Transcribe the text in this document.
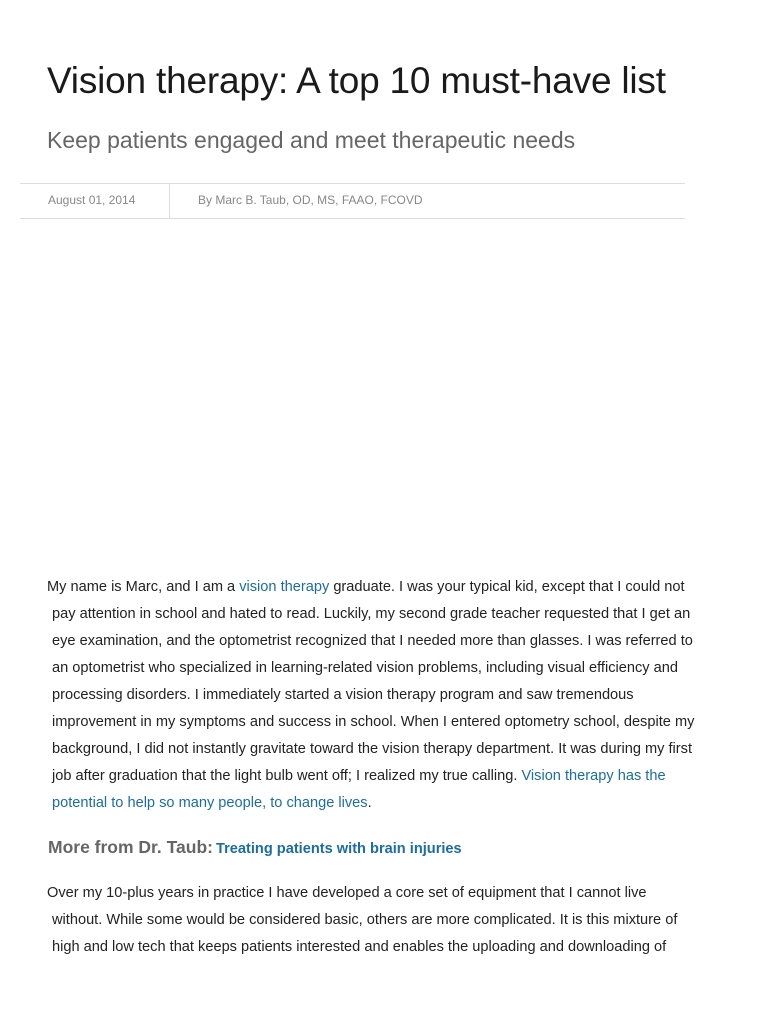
Vision therapy: A top 10 must-have list
Keep patients engaged and meet therapeutic needs
August 01, 2014	By Marc B. Taub, OD, MS, FAAO, FCOVD
My name is Marc, and I am a vision therapy graduate. I was your typical kid, except that I could not
pay attention in school and hated to read. Luckily, my second grade teacher requested that I get an
eye examination, and the optometrist recognized that I needed more than glasses. I was referred to
an optometrist who specialized in learning-related vision problems, including visual efficiency and
processing disorders. I immediately started a vision therapy program and saw tremendous
improvement in my symptoms and success in school. When I entered optometry school, despite my
background, I did not instantly gravitate toward the vision therapy department. It was during my first
job after graduation that the light bulb went off; I realized my true calling. Vision therapy has the
potential to help so many people, to change lives.

More from Dr. Taub: Treating patients with brain injuries

Over my 10-plus years in practice I have developed a core set of equipment that I cannot live
without. While some would be considered basic, others are more complicated. It is this mixture of
high and low tech that keeps patients interested and enables the uploading and downloading of
